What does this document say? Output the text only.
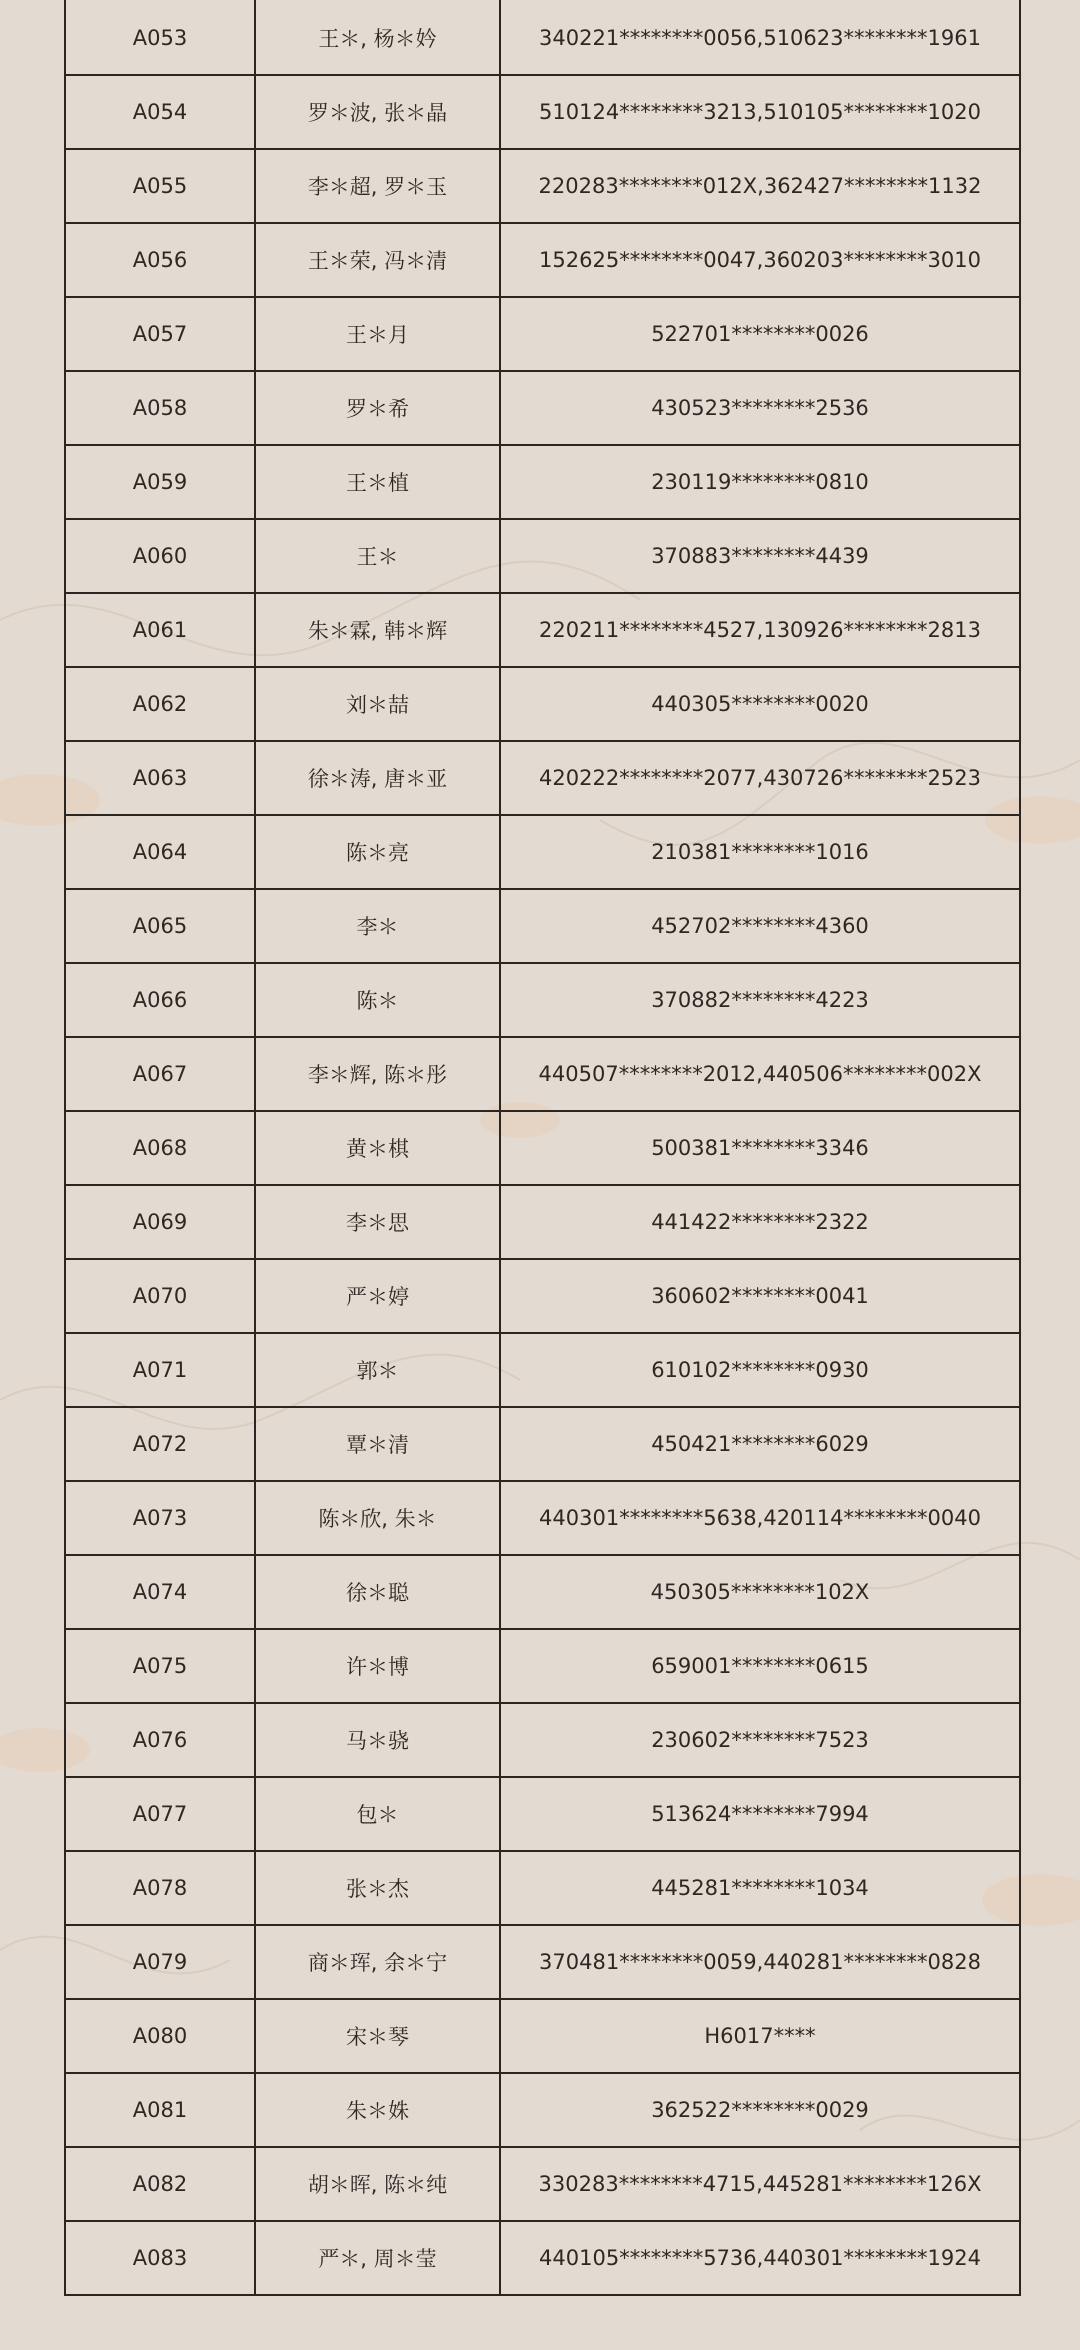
A053	王＊, 杨＊妗	340221********0056,510623********1961
A054	罗＊波, 张＊晶	510124********3213,510105********1020
A055	李＊超, 罗＊玉	220283********012X,362427********1132
A056	王＊荣, 冯＊清	152625********0047,360203********3010
A057	王＊月	522701********0026
A058	罗＊希	430523********2536
A059	王＊植	230119********0810
A060	王＊	370883********4439
A061	朱＊霖, 韩＊辉	220211********4527,130926********2813
A062	刘＊喆	440305********0020
A063	徐＊涛, 唐＊亚	420222********2077,430726********2523
A064	陈＊亮	210381********1016
A065	李＊	452702********4360
A066	陈＊	370882********4223
A067	李＊辉, 陈＊彤	440507********2012,440506********002X
A068	黄＊棋	500381********3346
A069	李＊思	441422********2322
A070	严＊婷	360602********0041
A071	郭＊	610102********0930
A072	覃＊清	450421********6029
A073	陈＊欣, 朱＊	440301********5638,420114********0040
A074	徐＊聪	450305********102X
A075	许＊博	659001********0615
A076	马＊骁	230602********7523
A077	包＊	513624********7994
A078	张＊杰	445281********1034
A079	商＊珲, 余＊宁	370481********0059,440281********0828
A080	宋＊琴	H6017****
A081	朱＊姝	362522********0029
A082	胡＊晖, 陈＊纯	330283********4715,445281********126X
A083	严＊, 周＊莹	440105********5736,440301********1924
